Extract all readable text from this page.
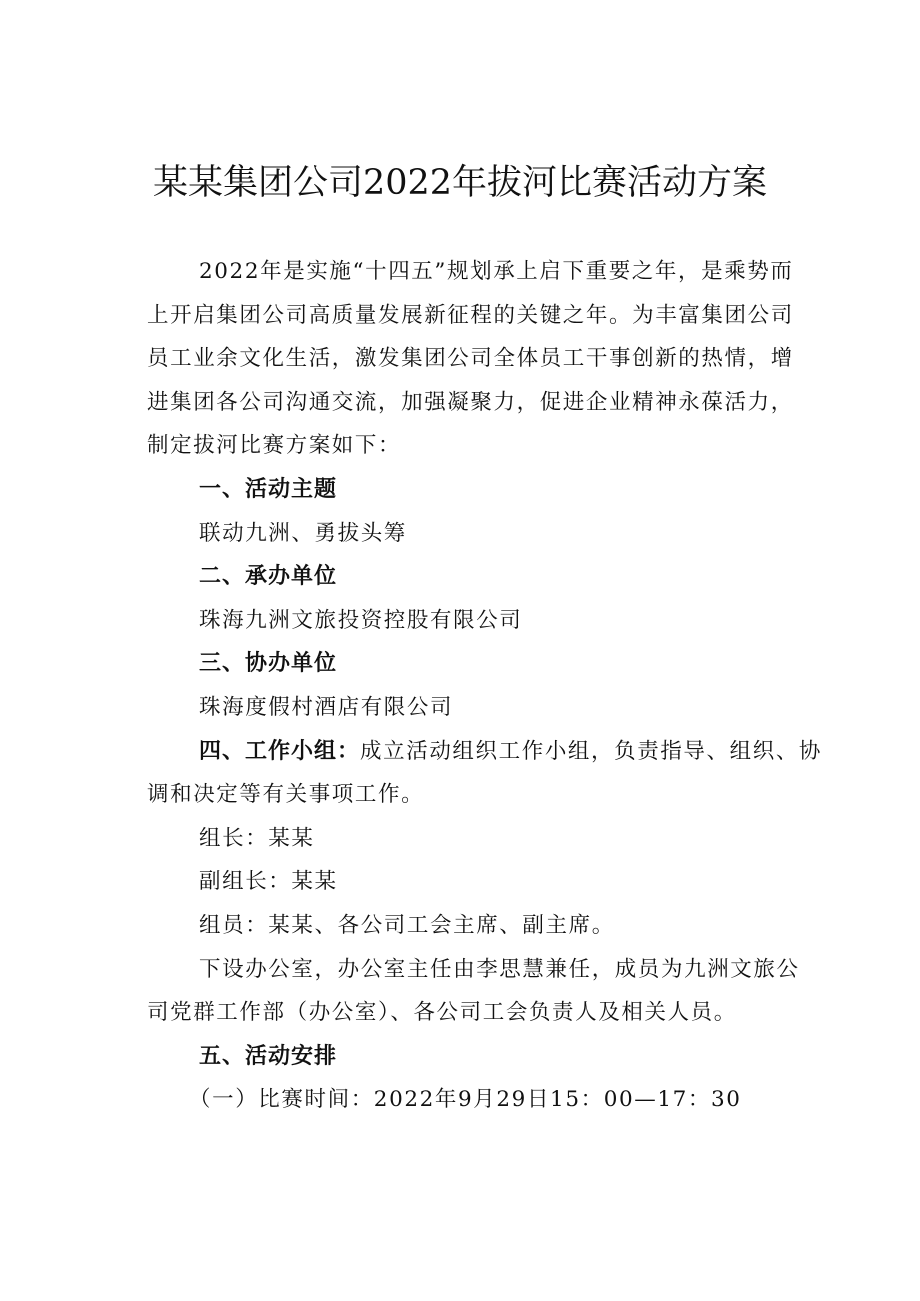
某某集团公司2022年拔河比赛活动方案

2022年是实施“十四五”规划承上启下重要之年，是乘势而上开启集团公司高质量发展新征程的关键之年。为丰富集团公司员工业余文化生活，激发集团公司全体员工干事创新的热情，增进集团各公司沟通交流，加强凝聚力，促进企业精神永葆活力，制定拔河比赛方案如下：

一、活动主题

联动九洲、勇拔头筹

二、承办单位

珠海九洲文旅投资控股有限公司

三、协办单位

珠海度假村酒店有限公司

四、工作小组：成立活动组织工作小组，负责指导、组织、协调和决定等有关事项工作。

组长：某某

副组长：某某

组员：某某、各公司工会主席、副主席。

下设办公室，办公室主任由李思慧兼任，成员为九洲文旅公司党群工作部（办公室）、各公司工会负责人及相关人员。

五、活动安排

（一）比赛时间：2022年9月29日15：00—17：30
